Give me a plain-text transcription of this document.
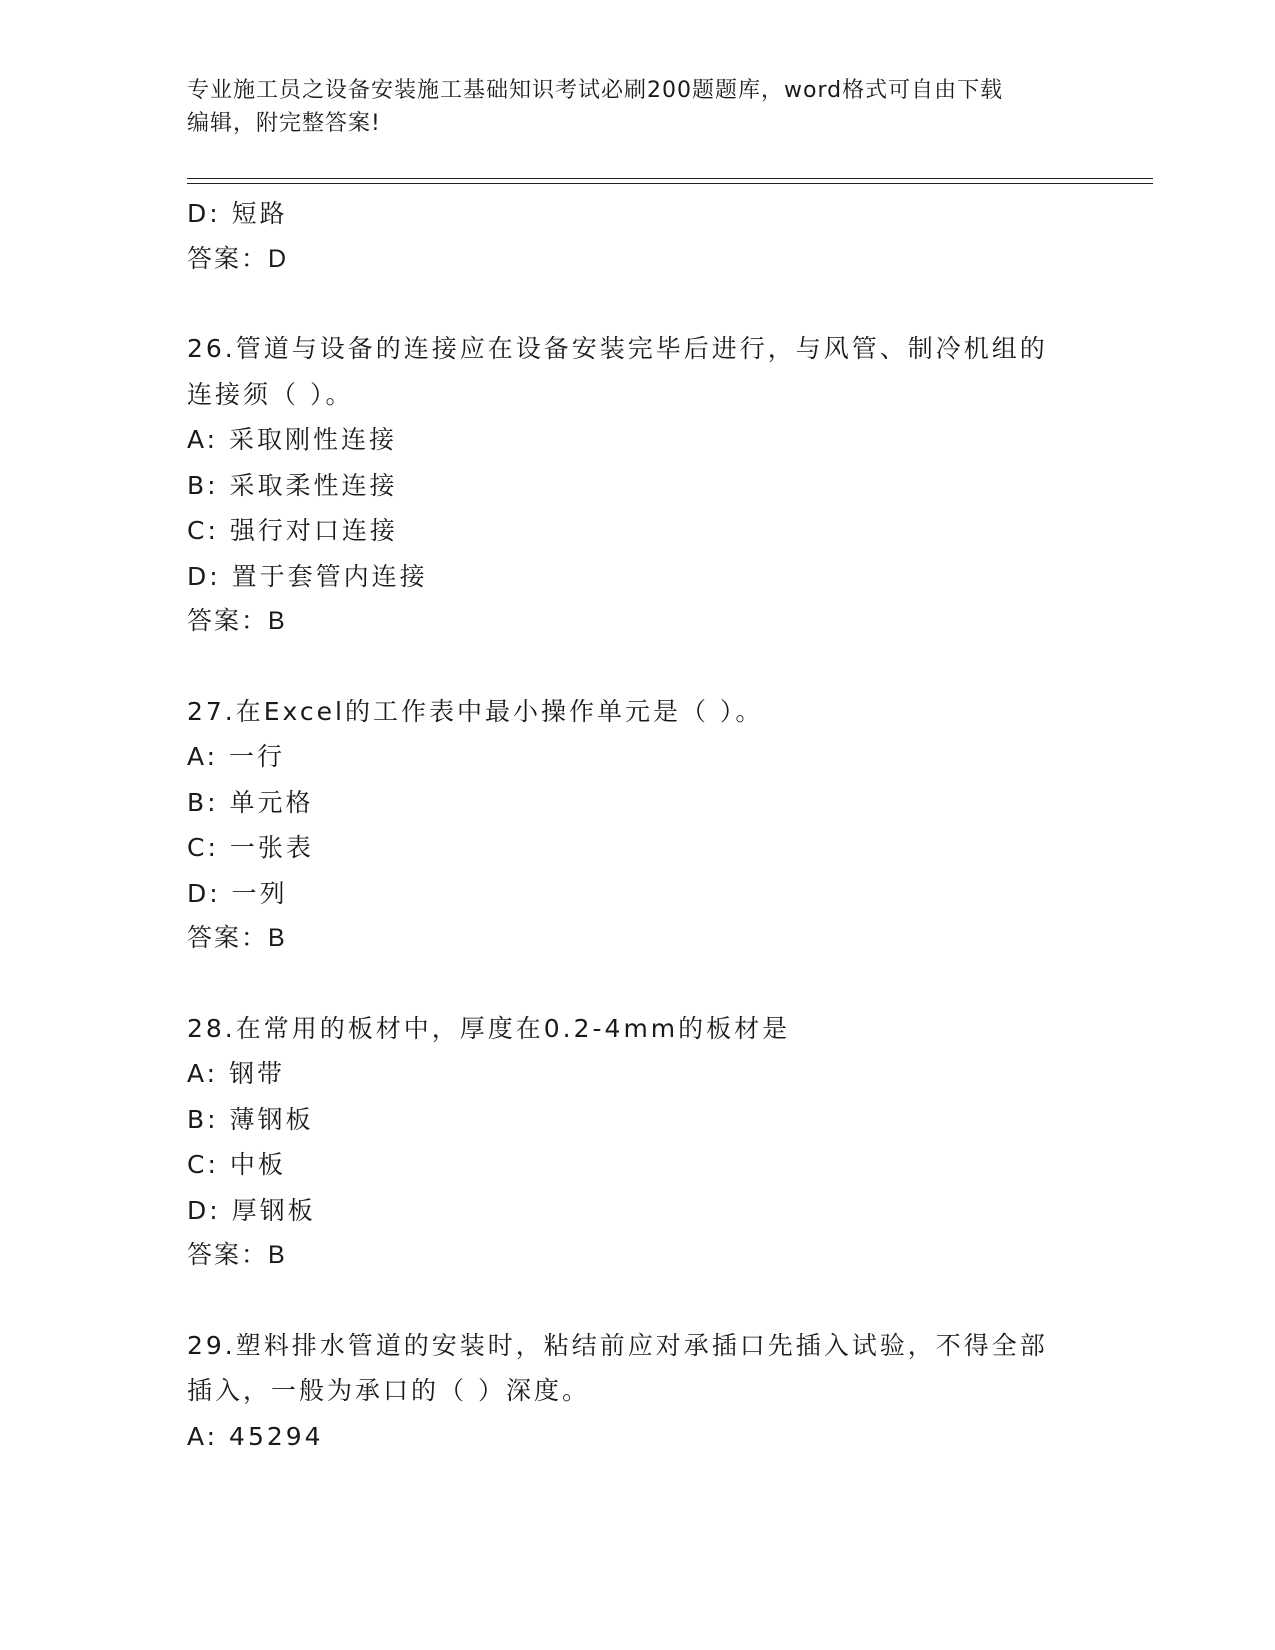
专业施工员之设备安装施工基础知识考试必刷200题题库，word格式可自由下载
编辑，附完整答案!
D: 短路
答案：D
26.管道与设备的连接应在设备安装完毕后进行，与风管、制冷机组的
连接须（ ）。
A: 采取刚性连接
B: 采取柔性连接
C: 强行对口连接
D: 置于套管内连接
答案：B
27.在Excel的工作表中最小操作单元是（ ）。
A: 一行
B: 单元格
C: 一张表
D: 一列
答案：B
28.在常用的板材中，厚度在0.2-4mm的板材是
A: 钢带
B: 薄钢板
C: 中板
D: 厚钢板
答案：B
29.塑料排水管道的安装时，粘结前应对承插口先插入试验，不得全部
插入，一般为承口的（ ）深度。
A: 45294
